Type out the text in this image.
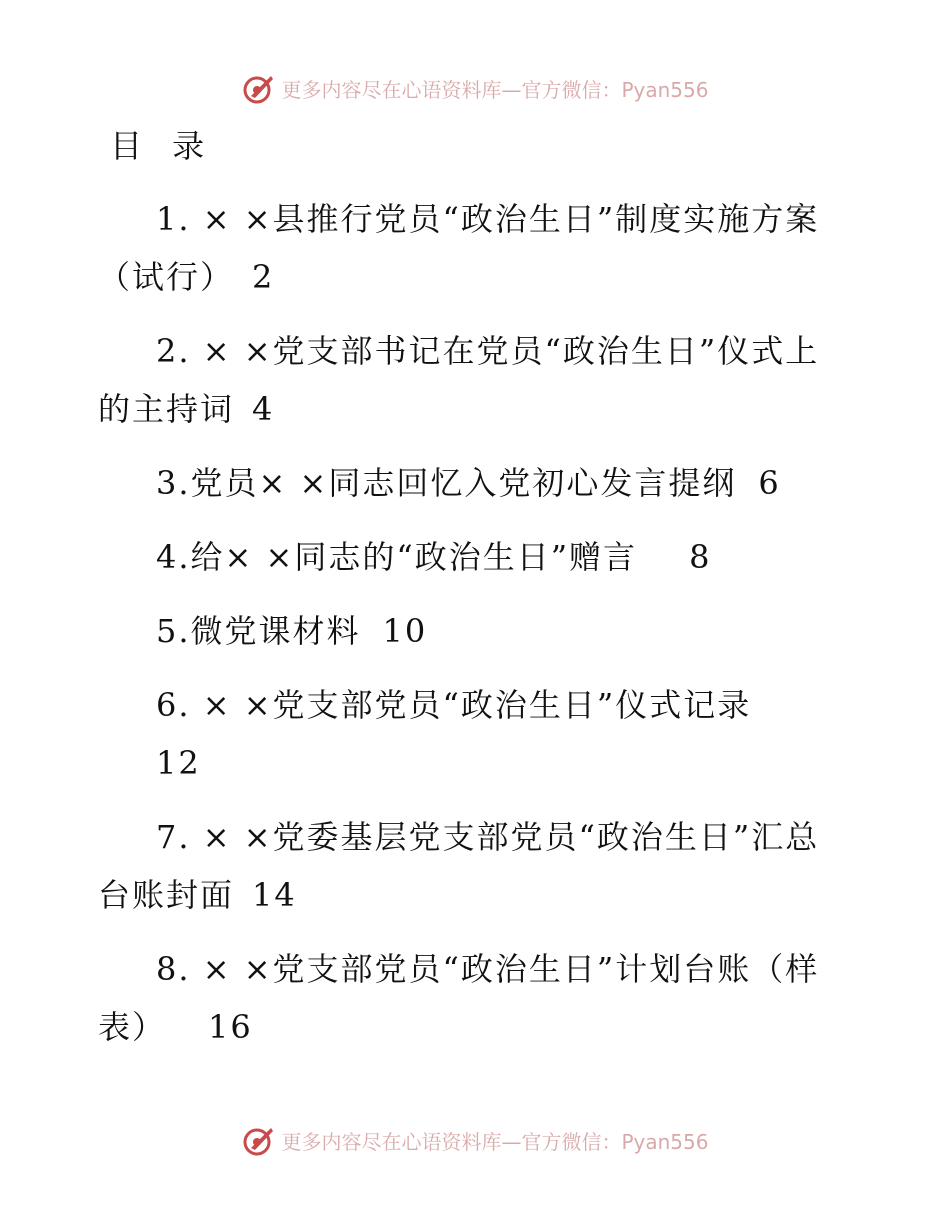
更多内容尽在心语资料库—官方微信：Pyan556
目 录
1. × ×县推行党员“政治生日”制度实施方案
（试行） 2
2. × ×党支部书记在党员“政治生日”仪式上
的主持词 4
3.党员× ×同志回忆入党初心发言提纲 6
4.给× ×同志的“政治生日”赠言 8
5.微党课材料 10
6. × ×党支部党员“政治生日”仪式记录
12
7. × ×党委基层党支部党员“政治生日”汇总
台账封面 14
8. × ×党支部党员“政治生日”计划台账（样
表） 16
更多内容尽在心语资料库—官方微信：Pyan556
